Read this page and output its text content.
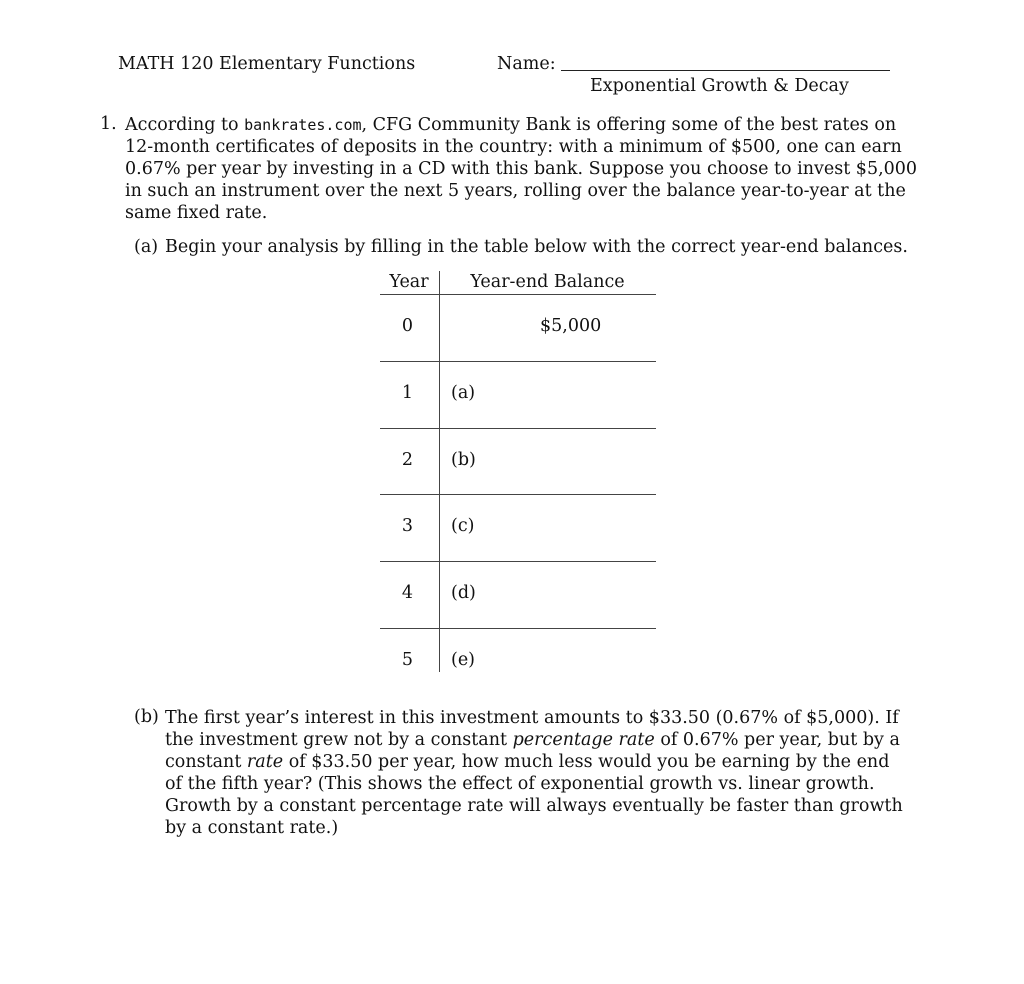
MATH 120 Elementary Functions	Name:
Exponential Growth & Decay
1. According to bankrates.com, CFG Community Bank is offering some of the best rates on
12-month certificates of deposits in the country: with a minimum of $500, one can earn
0.67% per year by investing in a CD with this bank. Suppose you choose to invest $5,000
in such an instrument over the next 5 years, rolling over the balance year-to-year at the
same fixed rate.
(a) Begin your analysis by filling in the table below with the correct year-end balances.
Year	Year-end Balance
0	$5,000
1	(a)
2	(b)
3	(c)
4	(d)
5	(e)
(b) The first year’s interest in this investment amounts to $33.50 (0.67% of $5,000). If
the investment grew not by a constant percentage rate of 0.67% per year, but by a
constant rate of $33.50 per year, how much less would you be earning by the end
of the fifth year? (This shows the effect of exponential growth vs. linear growth.
Growth by a constant percentage rate will always eventually be faster than growth
by a constant rate.)
